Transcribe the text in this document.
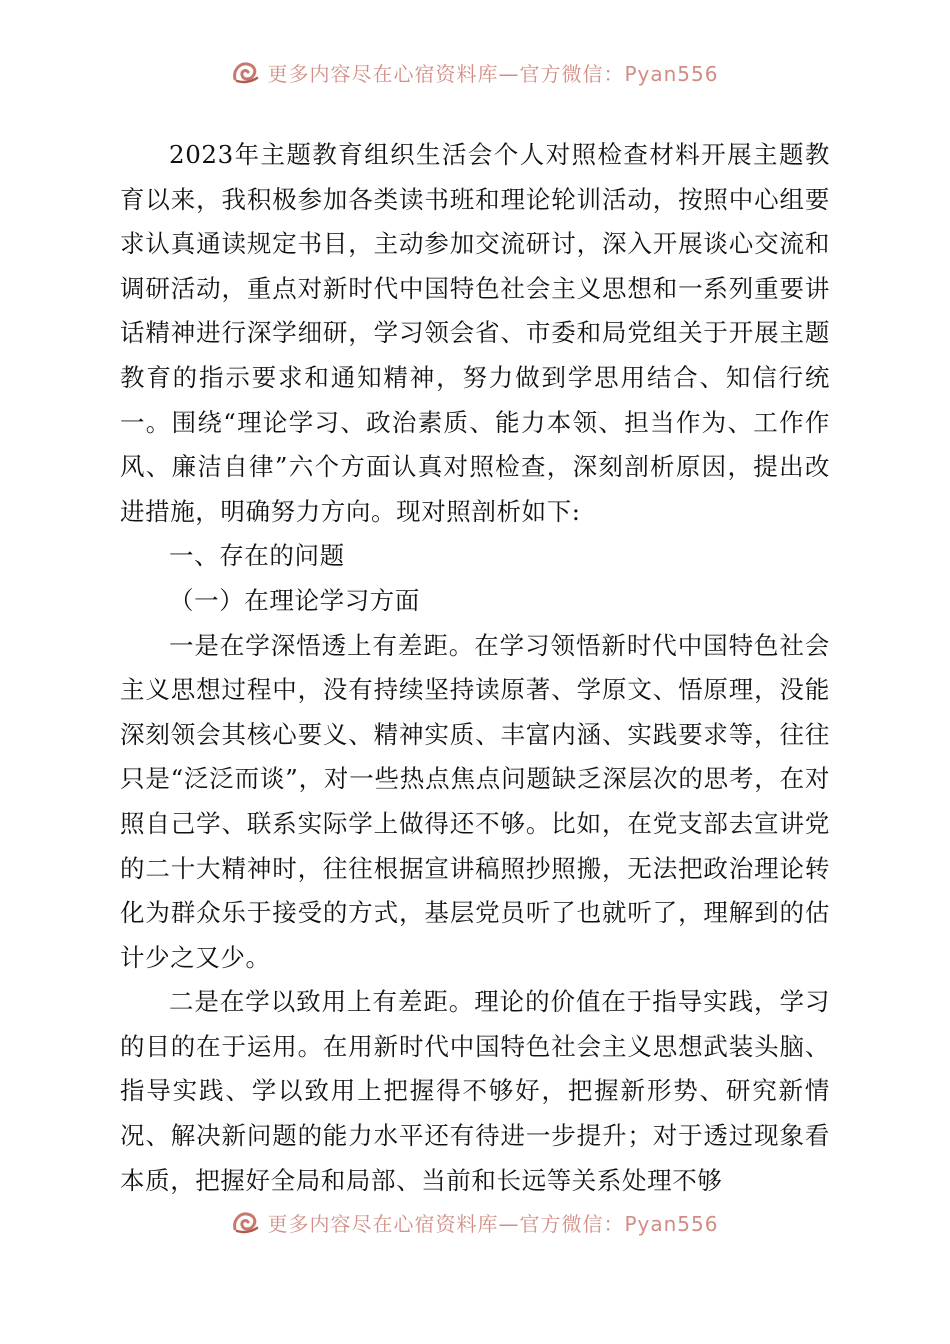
更多内容尽在心宿资料库—官方微信：Pyan556

2023年主题教育组织生活会个人对照检查材料开展主题教育以来，我积极参加各类读书班和理论轮训活动，按照中心组要求认真通读规定书目，主动参加交流研讨，深入开展谈心交流和调研活动，重点对新时代中国特色社会主义思想和一系列重要讲话精神进行深学细研，学习领会省、市委和局党组关于开展主题教育的指示要求和通知精神，努力做到学思用结合、知信行统一。围绕“理论学习、政治素质、能力本领、担当作为、工作作风、廉洁自律”六个方面认真对照检查，深刻剖析原因，提出改进措施，明确努力方向。现对照剖析如下:

一、存在的问题

（一）在理论学习方面

一是在学深悟透上有差距。在学习领悟新时代中国特色社会主义思想过程中，没有持续坚持读原著、学原文、悟原理，没能深刻领会其核心要义、精神实质、丰富内涵、实践要求等，往往只是“泛泛而谈”，对一些热点焦点问题缺乏深层次的思考，在对照自己学、联系实际学上做得还不够。比如，在党支部去宣讲党的二十大精神时，往往根据宣讲稿照抄照搬，无法把政治理论转化为群众乐于接受的方式，基层党员听了也就听了，理解到的估计少之又少。

二是在学以致用上有差距。理论的价值在于指导实践，学习的目的在于运用。在用新时代中国特色社会主义思想武装头脑、指导实践、学以致用上把握得不够好，把握新形势、研究新情况、解决新问题的能力水平还有待进一步提升；对于透过现象看本质，把握好全局和局部、当前和长远等关系处理不够

更多内容尽在心宿资料库—官方微信：Pyan556
